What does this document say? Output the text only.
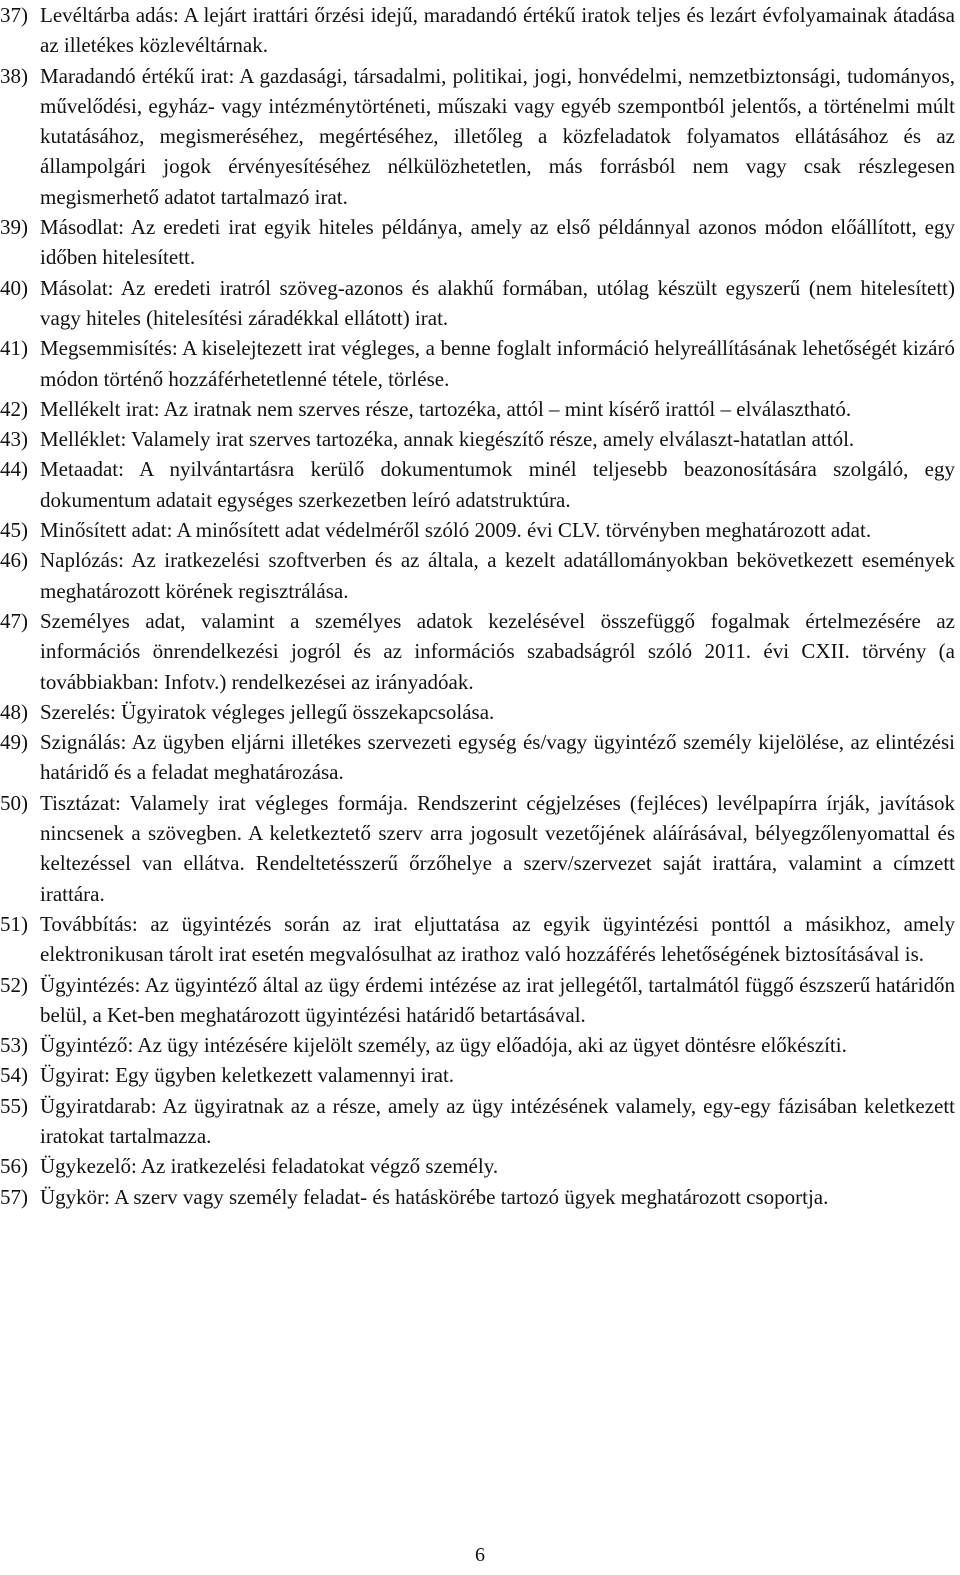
37) Levéltárba adás: A lejárt irattári őrzési idejű, maradandó értékű iratok teljes és lezárt évfolyamainak átadása az illetékes közlevéltárnak.
38) Maradandó értékű irat: A gazdasági, társadalmi, politikai, jogi, honvédelmi, nemzetbiztonsági, tudományos, művelődési, egyház- vagy intézménytörténeti, műszaki vagy egyéb szempontból jelentős, a történelmi múlt kutatásához, megismeréséhez, megértéséhez, illetőleg a közfeladatok folyamatos ellátásához és az állampolgári jogok érvényesítéséhez nélkülözhetetlen, más forrásból nem vagy csak részlegesen megismerhető adatot tartalmazó irat.
39) Másodlat: Az eredeti irat egyik hiteles példánya, amely az első példánnyal azonos módon előállított, egy időben hitelesített.
40) Másolat: Az eredeti iratról szöveg-azonos és alakhű formában, utólag készült egyszerű (nem hitelesített) vagy hiteles (hitelesítési záradékkal ellátott) irat.
41) Megsemmisítés: A kiselejtezett irat végleges, a benne foglalt információ helyreállításának lehetőségét kizáró módon történő hozzáférhetetlenné tétele, törlése.
42) Mellékelt irat: Az iratnak nem szerves része, tartozéka, attól – mint kísérő irattól – elválasztható.
43) Melléklet: Valamely irat szerves tartozéka, annak kiegészítő része, amely elválaszt-hatatlan attól.
44) Metaadat: A nyilvántartásra kerülő dokumentumok minél teljesebb beazonosítására szolgáló, egy dokumentum adatait egységes szerkezetben leíró adatstruktúra.
45) Minősített adat: A minősített adat védelméről szóló 2009. évi CLV. törvényben meghatározott adat.
46) Naplózás: Az iratkezelési szoftverben és az általa, a kezelt adatállományokban bekövetkezett események meghatározott körének regisztrálása.
47) Személyes adat, valamint a személyes adatok kezelésével összefüggő fogalmak értelmezésére az információs önrendelkezési jogról és az információs szabadságról szóló 2011. évi CXII. törvény (a továbbiakban: Infotv.) rendelkezései az irányadóak.
48) Szerelés: Ügyiratok végleges jellegű összekapcsolása.
49) Szignálás: Az ügyben eljárni illetékes szervezeti egység és/vagy ügyintéző személy kijelölése, az elintézési határidő és a feladat meghatározása.
50) Tisztázat: Valamely irat végleges formája. Rendszerint cégjelzéses (fejléces) levélpapírra írják, javítások nincsenek a szövegben. A keletkeztető szerv arra jogosult vezetőjének aláírásával, bélyegzőlenyomattal és keltezéssel van ellátva. Rendeltetésszerű őrzőhelye a szerv/szervezet saját irattára, valamint a címzett irattára.
51) Továbbítás: az ügyintézés során az irat eljuttatása az egyik ügyintézési ponttól a másikhoz, amely elektronikusan tárolt irat esetén megvalósulhat az irathoz való hozzáférés lehetőségének biztosításával is.
52) Ügyintézés: Az ügyintéző által az ügy érdemi intézése az irat jellegétől, tartalmától függő észszerű határidőn belül, a Ket-ben meghatározott ügyintézési határidő betartásával.
53) Ügyintéző: Az ügy intézésére kijelölt személy, az ügy előadója, aki az ügyet döntésre előkészíti.
54) Ügyirat: Egy ügyben keletkezett valamennyi irat.
55) Ügyiratdarab: Az ügyiratnak az a része, amely az ügy intézésének valamely, egy-egy fázisában keletkezett iratokat tartalmazza.
56) Ügykezelő: Az iratkezelési feladatokat végző személy.
57) Ügykör: A szerv vagy személy feladat- és hatáskörébe tartozó ügyek meghatározott csoportja.
6
